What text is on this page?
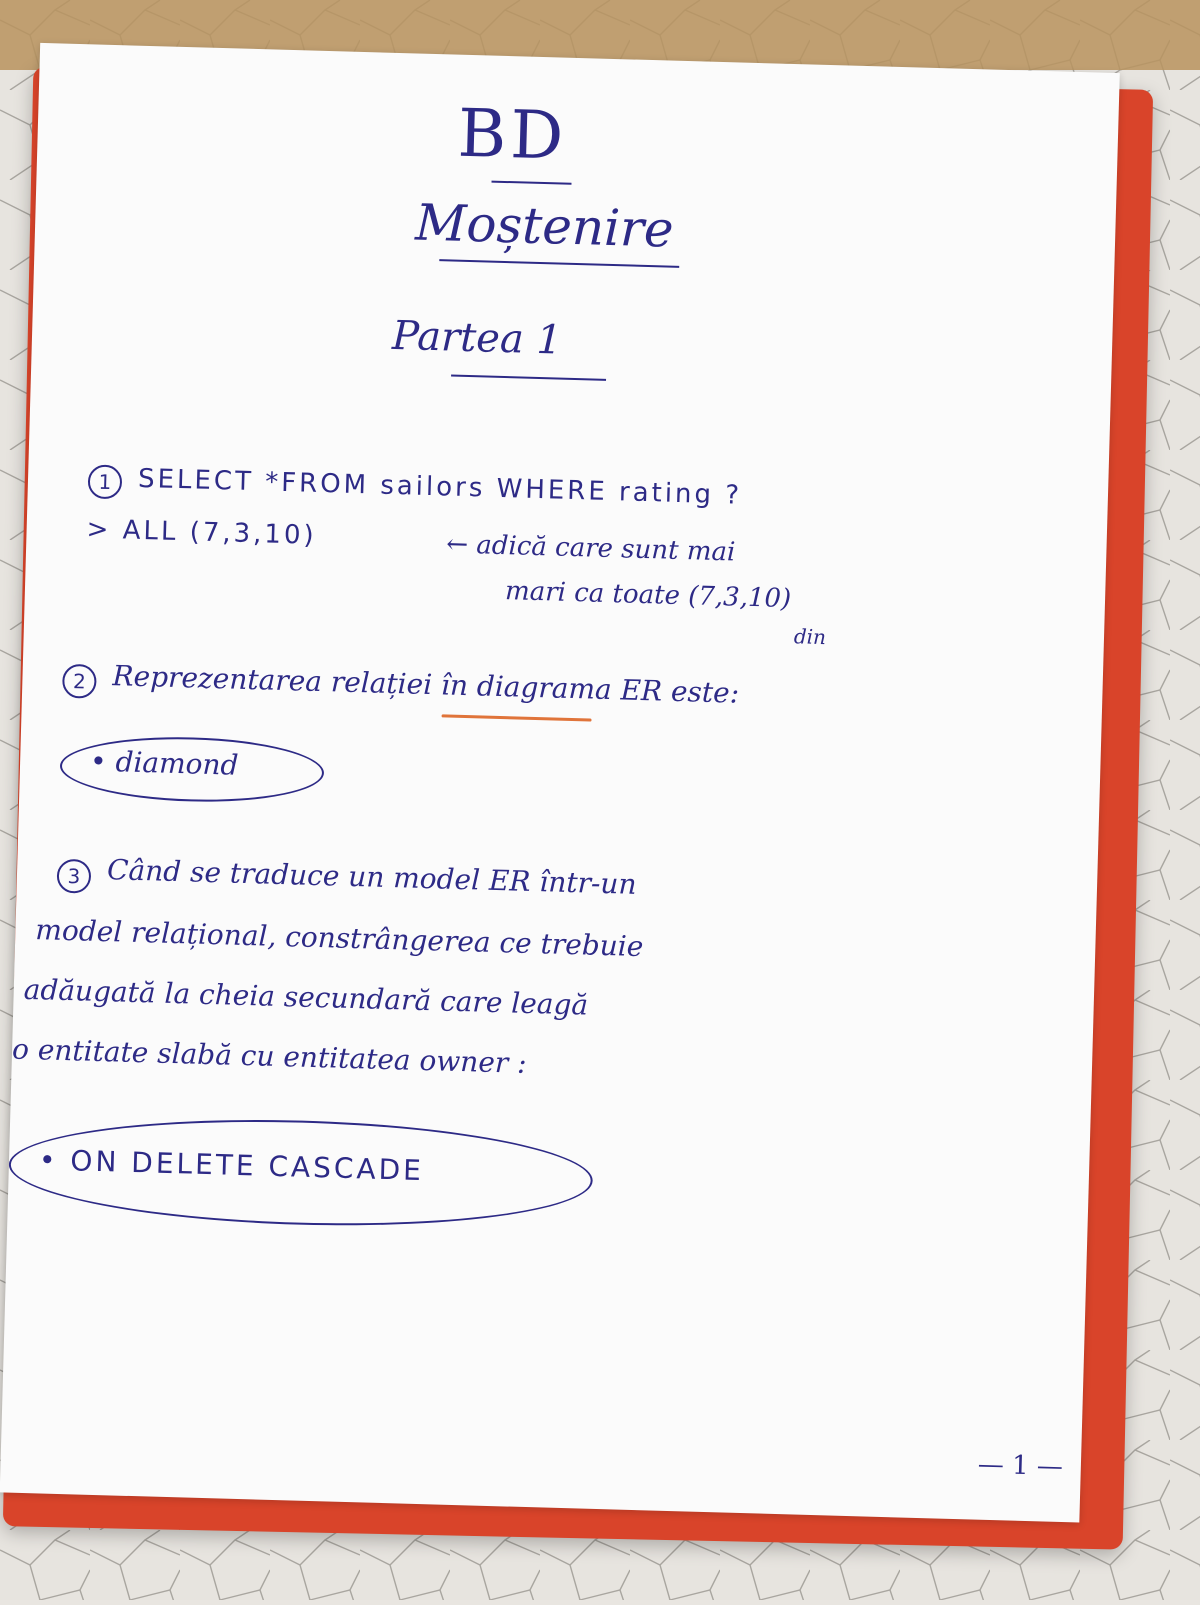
BD
Moștenire
Partea 1
1 SELECT *FROM sailors WHERE rating ?
> ALL (7,3,10)	← adică care sunt mai
mari ca toate (7,3,10)
din
2 Reprezentarea relației în diagrama ER este:
• diamond
3 Când se traduce un model ER într-un
model relațional, constrângerea ce trebuie
adăugată la cheia secundară care leagă
o entitate slabă cu entitatea owner :
• ON DELETE CASCADE
— 1 —
